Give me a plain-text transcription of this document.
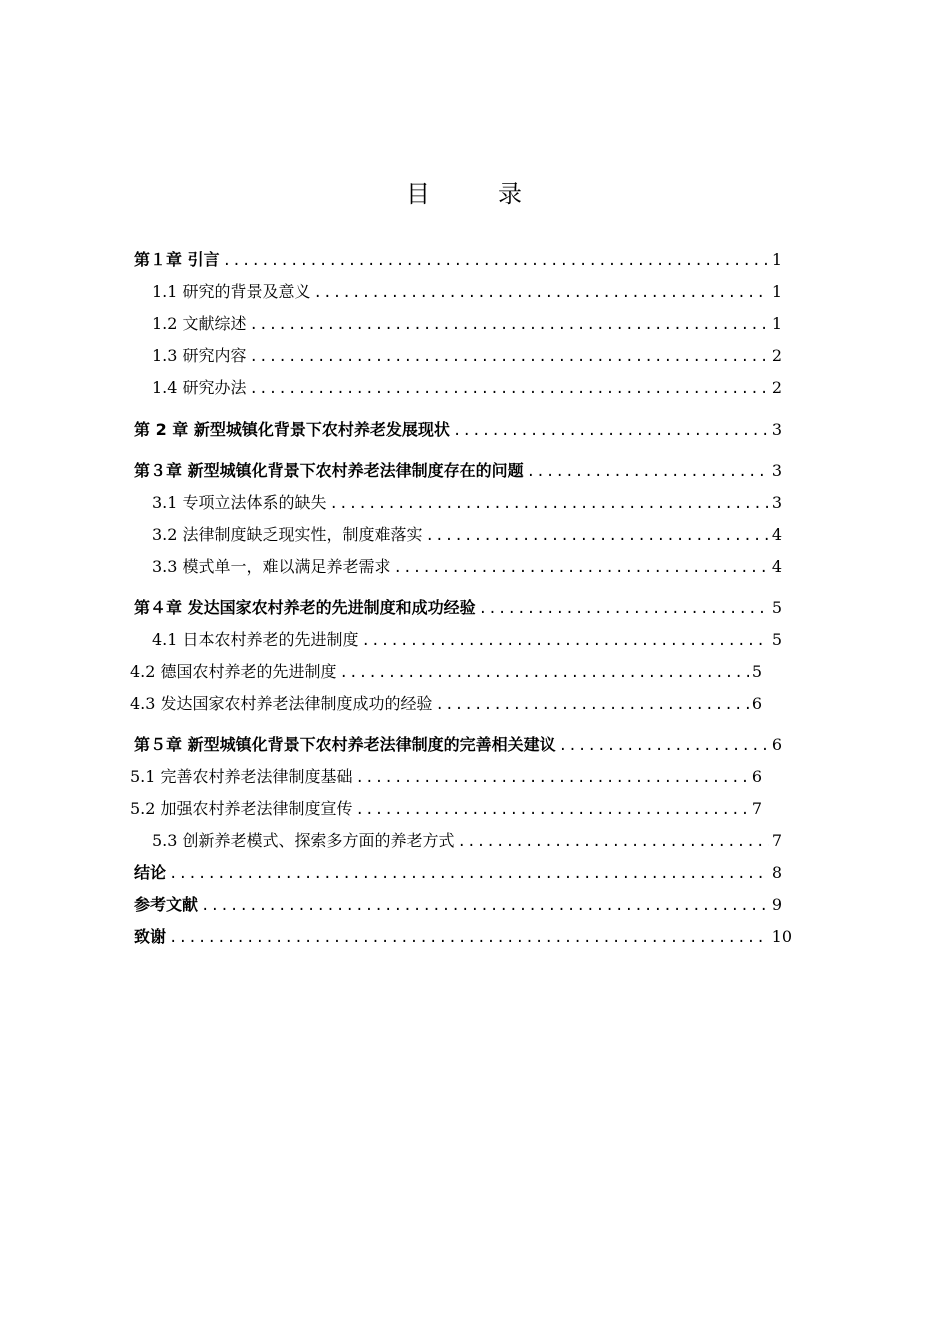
目　录
第１章 引言 .....	1
1.1 研究的背景及意义 .....	1
1.2 文献综述 .....	1
1.3 研究内容 .....	2
1.4 研究办法 .....	2
第 2 章 新型城镇化背景下农村养老发展现状 .....	3
第３章 新型城镇化背景下农村养老法律制度存在的问题 .....	3
3.1 专项立法体系的缺失 .....	3
3.2 法律制度缺乏现实性，制度难落实 .....	4
3.3 模式单一，难以满足养老需求 .....	4
第４章 发达国家农村养老的先进制度和成功经验 .....	5
4.1 日本农村养老的先进制度 .....	5
4.2 德国农村养老的先进制度 .....	5
4.3 发达国家农村养老法律制度成功的经验 .....	6
第５章 新型城镇化背景下农村养老法律制度的完善相关建议 .....	6
5.1 完善农村养老法律制度基础 .....	6
5.2 加强农村养老法律制度宣传 .....	7
5.3 创新养老模式、探索多方面的养老方式 .....	7
结论 .....	8
参考文献 .....	9
致谢 .....	10
